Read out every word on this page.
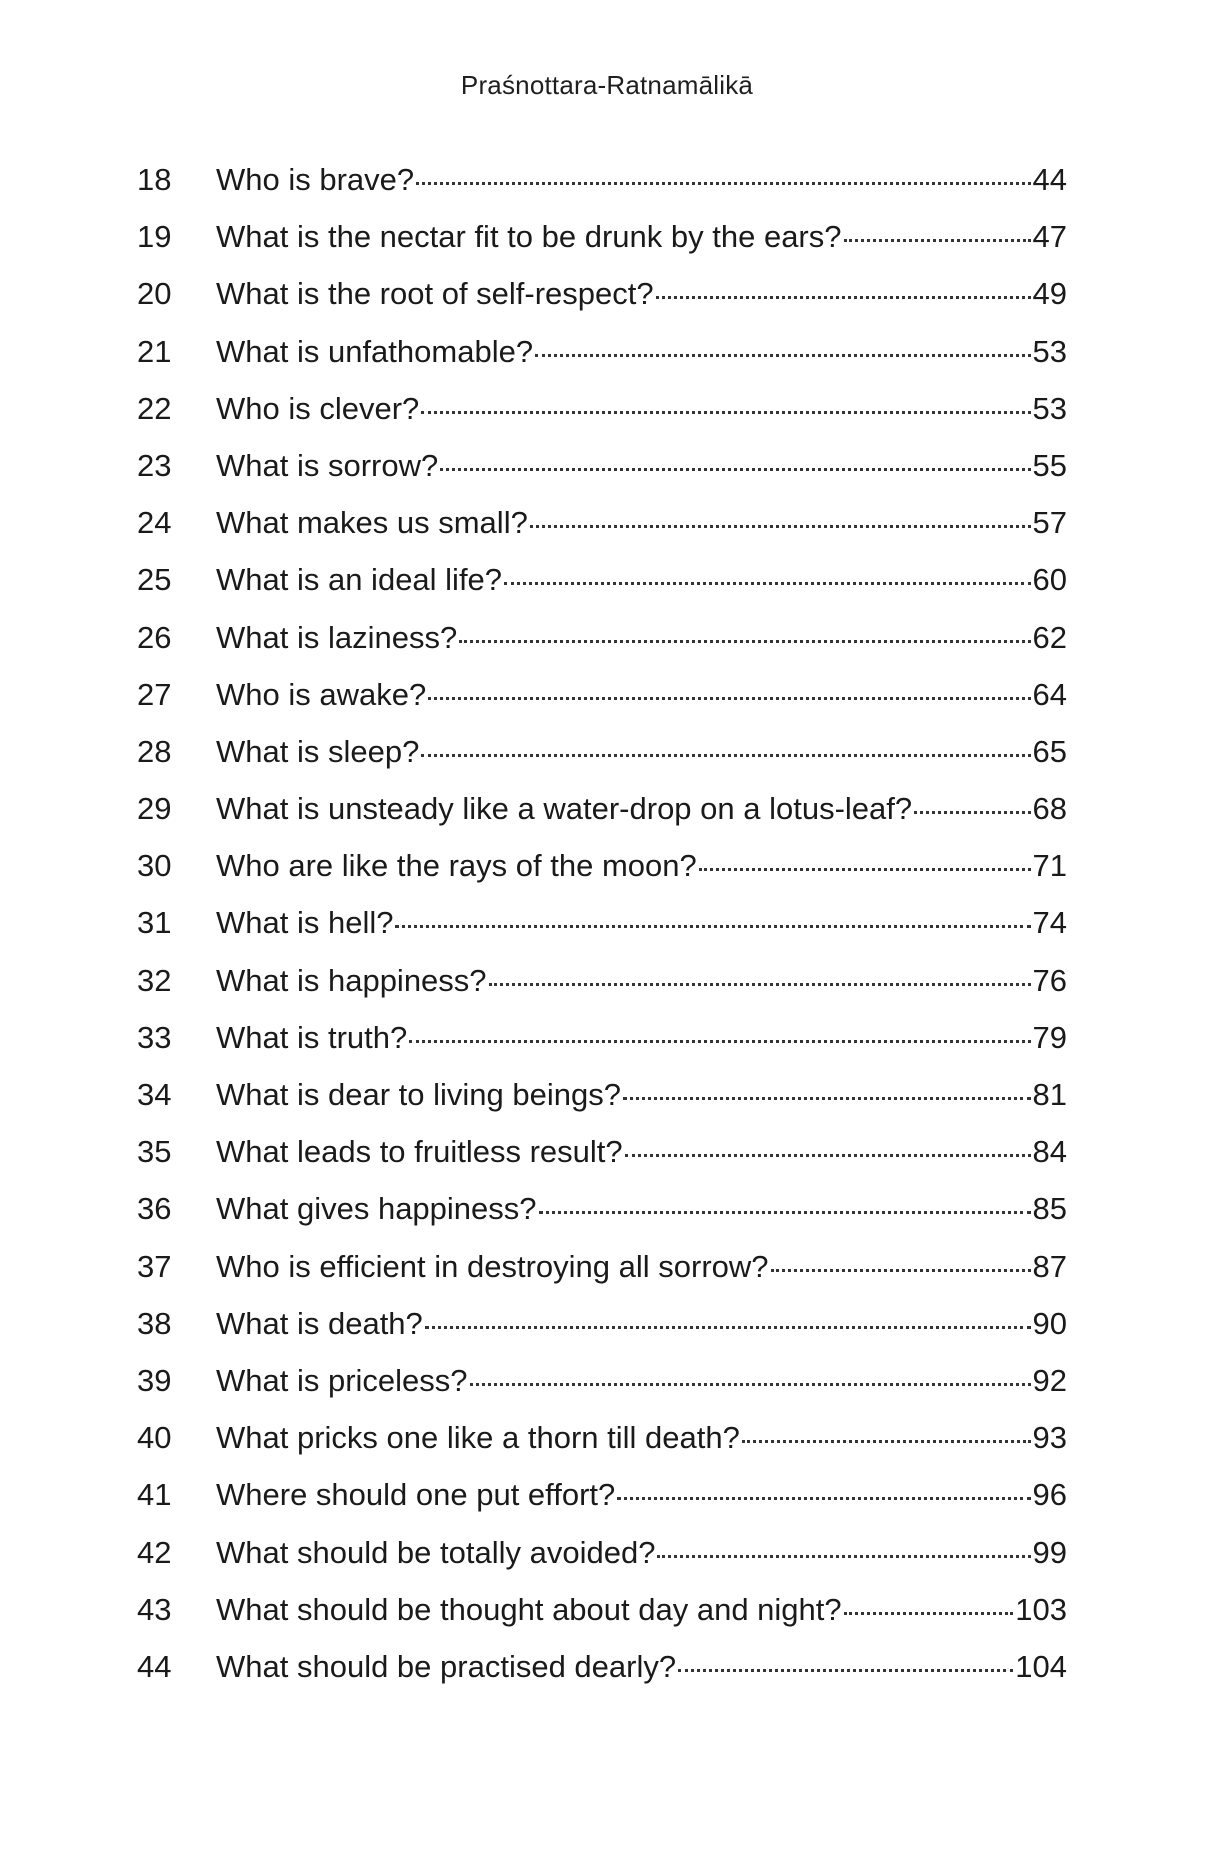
Praśnottara-Ratnamālikā
18	Who is brave?	44
19	What is the nectar fit to be drunk by the ears?	47
20	What is the root of self-respect?	49
21	What is unfathomable?	53
22	Who is clever?	53
23	What is sorrow?	55
24	What makes us small?	57
25	What is an ideal life?	60
26	What is laziness?	62
27	Who is awake?	64
28	What is sleep?	65
29	What is unsteady like a water-drop on a lotus-leaf?	68
30	Who are like the rays of the moon?	71
31	What is hell?	74
32	What is happiness?	76
33	What is truth?	79
34	What is dear to living beings?	81
35	What leads to fruitless result?	84
36	What gives happiness?	85
37	Who is efficient in destroying all sorrow?	87
38	What is death?	90
39	What is priceless?	92
40	What pricks one like a thorn till death?	93
41	Where should one put effort?	96
42	What should be totally avoided?	99
43	What should be thought about day and night?	103
44	What should be practised dearly?	104
